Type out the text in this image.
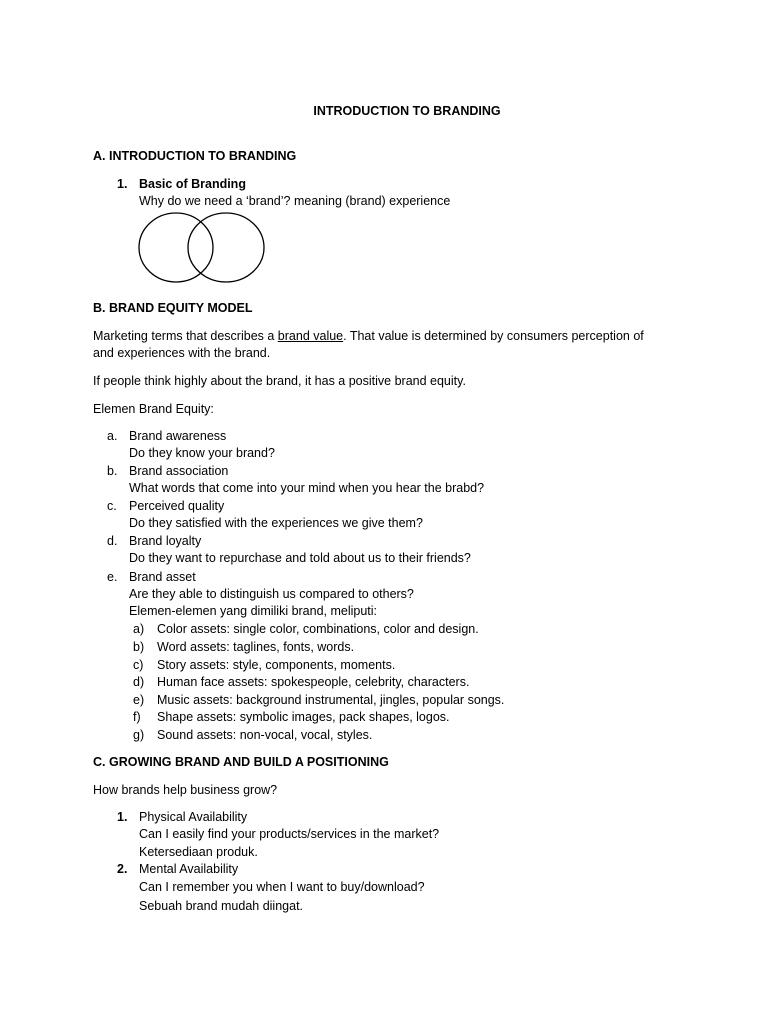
INTRODUCTION TO BRANDING
A. INTRODUCTION TO BRANDING
1. Basic of Branding
Why do we need a ‘brand’? meaning (brand) experience
B. BRAND EQUITY MODEL
Marketing terms that describes a brand value. That value is determined by consumers perception of
and experiences with the brand.
If people think highly about the brand, it has a positive brand equity.
Elemen Brand Equity:
a. Brand awareness
Do they know your brand?
b. Brand association
What words that come into your mind when you hear the brabd?
c. Perceived quality
Do they satisfied with the experiences we give them?
d. Brand loyalty
Do they want to repurchase and told about us to their friends?
e. Brand asset
Are they able to distinguish us compared to others?
Elemen-elemen yang dimiliki brand, meliputi:
a) Color assets: single color, combinations, color and design.
b) Word assets: taglines, fonts, words.
c) Story assets: style, components, moments.
d) Human face assets: spokespeople, celebrity, characters.
e) Music assets: background instrumental, jingles, popular songs.
f) Shape assets: symbolic images, pack shapes, logos.
g) Sound assets: non-vocal, vocal, styles.
C. GROWING BRAND AND BUILD A POSITIONING
How brands help business grow?
1. Physical Availability
Can I easily find your products/services in the market?
Ketersediaan produk.
2. Mental Availability
Can I remember you when I want to buy/download?
Sebuah brand mudah diingat.
